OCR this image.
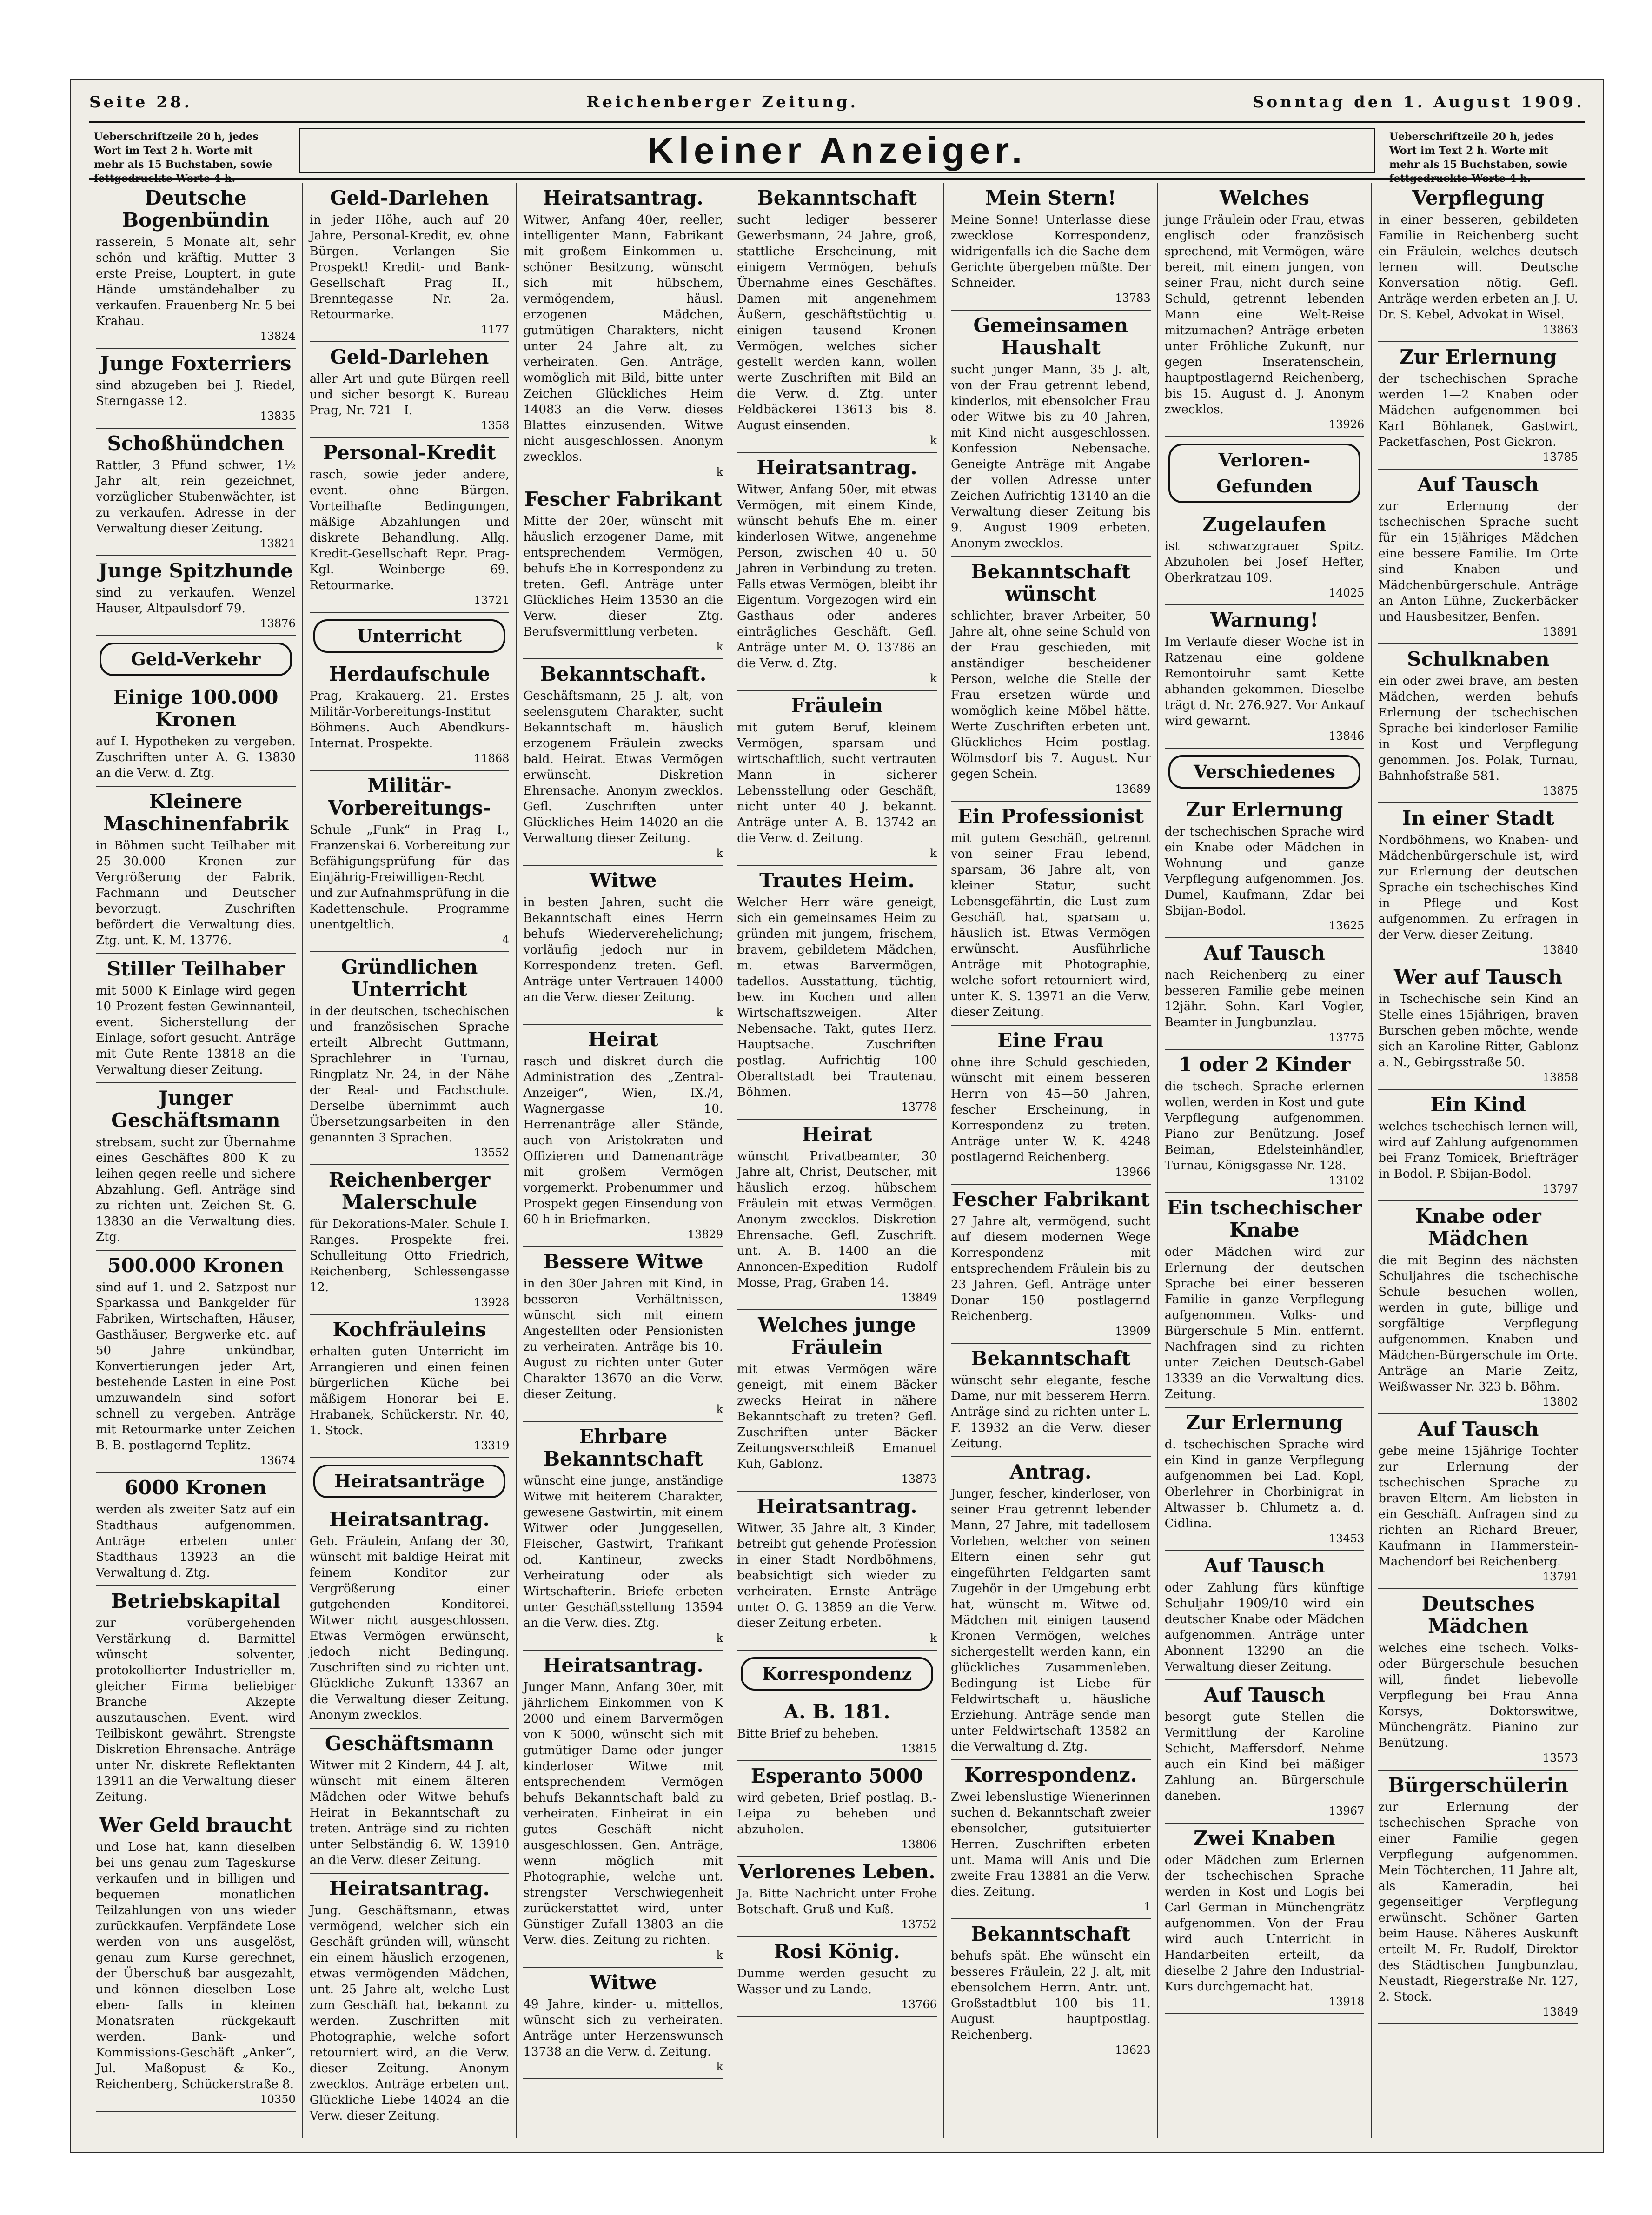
Seite 28.	Reichenberger Zeitung.	Sonntag den 1. August 1909.
Ueberschriftzeile 20 h, jedes Wort im Text 2 h. Worte mit mehr als 15 Buchstaben, sowie fettgedruckte Worte 4 h.
Kleiner Anzeiger.	Ueberschriftzeile 20 h, jedes Wort im Text 2 h. Worte mit mehr als 15 Buchstaben, sowie fettgedruckte Worte 4 h.
Deutsche Bogenbündin

rasserein, 5 Monate alt, sehr schön und kräftig. Mutter 3 erste Preise, Louptert, in gute Hände umständehalber zu verkaufen. Frauenberg Nr. 5 bei Krahau.

13824
Junge Foxterriers

sind abzugeben bei J. Riedel, Sterngasse 12.

13835
Schoßhündchen

Rattler, 3 Pfund schwer, 1½ Jahr alt, rein gezeichnet, vorzüglicher Stubenwächter, ist zu verkaufen. Adresse in der Verwaltung dieser Zeitung.

13821
Junge Spitzhunde

sind zu verkaufen. Wenzel Hauser, Altpaulsdorf 79.

13876
Geld-Verkehr
Einige 100.000 Kronen

auf I. Hypotheken zu vergeben. Zuschriften unter A. G. 13830 an die Verw. d. Ztg.

Kleinere Maschinenfabrik

in Böhmen sucht Teilhaber mit 25—30.000 Kronen zur Vergrößerung der Fabrik. Fachmann und Deutscher bevorzugt. Zuschriften befördert die Verwaltung dies. Ztg. unt. K. M. 13776.

Stiller Teilhaber

mit 5000 K Einlage wird gegen 10 Prozent festen Gewinnanteil, event. Sicherstellung der Einlage, sofort gesucht. Anträge mit Gute Rente 13818 an die Verwaltung dieser Zeitung.

Junger Geschäftsmann

strebsam, sucht zur Übernahme eines Geschäftes 800 K zu leihen gegen reelle und sichere Abzahlung. Gefl. Anträge sind zu richten unt. Zeichen St. G. 13830 an die Verwaltung dies. Ztg.

500.000 Kronen

sind auf 1. und 2. Satzpost nur Sparkassa und Bankgelder für Fabriken, Wirtschaften, Häuser, Gasthäuser, Bergwerke etc. auf 50 Jahre unkündbar, Konvertierungen jeder Art, bestehende Lasten in eine Post umzuwandeln sind sofort schnell zu vergeben. Anträge mit Retourmarke unter Zeichen B. B. postlagernd Teplitz.

13674
6000 Kronen

werden als zweiter Satz auf ein Stadthaus aufgenommen. Anträge erbeten unter Stadthaus 13923 an die Verwaltung d. Ztg.

Betriebskapital

zur vorübergehenden Verstärkung d. Barmittel wünscht solventer, protokollierter Industrieller m. gleicher Firma beliebiger Branche Akzepte auszutauschen. Event. wird Teilbiskont gewährt. Strengste Diskretion Ehrensache. Anträge unter Nr. diskrete Reflektanten 13911 an die Verwaltung dieser Zeitung.

Wer Geld braucht

und Lose hat, kann dieselben bei uns genau zum Tageskurse verkaufen und in billigen und bequemen monatlichen Teilzahlungen von uns wieder zurückkaufen. Verpfändete Lose werden von uns ausgelöst, genau zum Kurse gerechnet, der Überschuß bar ausgezahlt, und können dieselben Lose eben- falls in kleinen Monatsraten rückgekauft werden. Bank- und Kommissions-Geschäft „Anker“, Jul. Maßopust & Ko., Reichenberg, Schückerstraße 8.

10350
Geld-Darlehen

in jeder Höhe, auch auf 20 Jahre, Personal-Kredit, ev. ohne Bürgen. Verlangen Sie Prospekt! Kredit- und Bank-Gesellschaft Prag II., Brenntegasse Nr. 2a. Retourmarke.

1177
Geld-Darlehen

aller Art und gute Bürgen reell und sicher besorgt K. Bureau Prag, Nr. 721—I.

1358
Personal-Kredit

rasch, sowie jeder andere, event. ohne Bürgen. Vorteilhafte Bedingungen, mäßige Abzahlungen und diskrete Behandlung. Allg. Kredit-Gesellschaft Repr. Prag-Kgl. Weinberge 69. Retourmarke.

13721
Unterricht
Herdaufschule

Prag, Krakauerg. 21. Erstes Militär-Vorbereitungs-Institut Böhmens. Auch Abendkurs-Internat. Prospekte.

11868
Militär-Vorbereitungs-

Schule „Funk“ in Prag I., Franzenskai 6. Vorbereitung zur Befähigungsprüfung für das Einjährig-Freiwilligen-Recht und zur Aufnahmsprüfung in die Kadettenschule. Programme unentgeltlich.

4
Gründlichen Unterricht

in der deutschen, tschechischen und französischen Sprache erteilt Albrecht Guttmann, Sprachlehrer in Turnau, Ringplatz Nr. 24, in der Nähe der Real- und Fachschule. Derselbe übernimmt auch Übersetzungsarbeiten in den genannten 3 Sprachen.

13552
Reichenberger Malerschule

für Dekorations-Maler. Schule I. Ranges. Prospekte frei. Schulleitung Otto Friedrich, Reichenberg, Schlessengasse 12.

13928
Kochfräuleins

erhalten guten Unterricht im Arrangieren und einen feinen bürgerlichen Küche bei mäßigem Honorar bei E. Hrabanek, Schückerstr. Nr. 40, 1. Stock.

13319
Heiratsanträge
Heiratsantrag.

Geb. Fräulein, Anfang der 30, wünscht mit baldige Heirat mit feinem Konditor zur Vergrößerung einer gutgehenden Konditorei. Witwer nicht ausgeschlossen. Etwas Vermögen erwünscht, jedoch nicht Bedingung. Zuschriften sind zu richten unt. Glückliche Zukunft 13367 an die Verwaltung dieser Zeitung. Anonym zwecklos.

Geschäftsmann

Witwer mit 2 Kindern, 44 J. alt, wünscht mit einem älteren Mädchen oder Witwe behufs Heirat in Bekanntschaft zu treten. Anträge sind zu richten unter Selbständig 6. W. 13910 an die Verw. dieser Zeitung.

Heiratsantrag.

Jung. Geschäftsmann, etwas vermögend, welcher sich ein Geschäft gründen will, wünscht ein einem häuslich erzogenen, etwas vermögenden Mädchen, unt. 25 Jahre alt, welche Lust zum Geschäft hat, bekannt zu werden. Zuschriften mit Photographie, welche sofort retourniert wird, an die Verw. dieser Zeitung. Anonym zwecklos. Anträge erbeten unt. Glückliche Liebe 14024 an die Verw. dieser Zeitung.

Heiratsantrag.

Witwer, Anfang 40er, reeller, intelligenter Mann, Fabrikant mit großem Einkommen u. schöner Besitzung, wünscht sich mit hübschem, vermögendem, häusl. erzogenen Mädchen, gutmütigen Charakters, nicht unter 24 Jahre alt, zu verheiraten. Gen. Anträge, womöglich mit Bild, bitte unter Zeichen Glückliches Heim 14083 an die Verw. dieses Blattes einzusenden. Witwe nicht ausgeschlossen. Anonym zwecklos.

k
Fescher Fabrikant

Mitte der 20er, wünscht mit häuslich erzogener Dame, mit entsprechendem Vermögen, behufs Ehe in Korrespondenz zu treten. Gefl. Anträge unter Glückliches Heim 13530 an die Verw. dieser Ztg. Berufsvermittlung verbeten.

k
Bekanntschaft.

Geschäftsmann, 25 J. alt, von seelensgutem Charakter, sucht Bekanntschaft m. häuslich erzogenem Fräulein zwecks bald. Heirat. Etwas Vermögen erwünscht. Diskretion Ehrensache. Anonym zwecklos. Gefl. Zuschriften unter Glückliches Heim 14020 an die Verwaltung dieser Zeitung.

k
Witwe

in besten Jahren, sucht die Bekanntschaft eines Herrn behufs Wiederverehelichung; vorläufig jedoch nur in Korrespondenz treten. Gefl. Anträge unter Vertrauen 14000 an die Verw. dieser Zeitung.

k
Heirat

rasch und diskret durch die Administration des „Zentral-Anzeiger“, Wien, IX./4, Wagnergasse 10. Herrenanträge aller Stände, auch von Aristokraten und Offizieren und Damenanträge mit großem Vermögen vorgemerkt. Probenummer und Prospekt gegen Einsendung von 60 h in Briefmarken.

13829
Bessere Witwe

in den 30er Jahren mit Kind, in besseren Verhältnissen, wünscht sich mit einem Angestellten oder Pensionisten zu verheiraten. Anträge bis 10. August zu richten unter Guter Charakter 13670 an die Verw. dieser Zeitung.

k
Ehrbare Bekanntschaft

wünscht eine junge, anständige Witwe mit heiterem Charakter, gewesene Gastwirtin, mit einem Witwer oder Junggesellen, Fleischer, Gastwirt, Trafikant od. Kantineur, zwecks Verheiratung oder als Wirtschafterin. Briefe erbeten unter Geschäftsstellung 13594 an die Verw. dies. Ztg.

k
Heiratsantrag.

Junger Mann, Anfang 30er, mit jährlichem Einkommen von K 2000 und einem Barvermögen von K 5000, wünscht sich mit gutmütiger Dame oder junger kinderloser Witwe mit entsprechendem Vermögen behufs Bekanntschaft bald zu verheiraten. Einheirat in ein gutes Geschäft nicht ausgeschlossen. Gen. Anträge, wenn möglich mit Photographie, welche unt. strengster Verschwiegenheit zurückerstattet wird, unter Günstiger Zufall 13803 an die Verw. dies. Zeitung zu richten.

k
Witwe

49 Jahre, kinder- u. mittellos, wünscht sich zu verheiraten. Anträge unter Herzenswunsch 13738 an die Verw. d. Zeitung.

k
Bekanntschaft

sucht lediger besserer Gewerbsmann, 24 Jahre, groß, stattliche Erscheinung, mit einigem Vermögen, behufs Übernahme eines Geschäftes. Damen mit angenehmem Äußern, geschäftstüchtig u. einigen tausend Kronen Vermögen, welches sicher gestellt werden kann, wollen werte Zuschriften mit Bild an die Verw. d. Ztg. unter Feldbäckerei 13613 bis 8. August einsenden.

k
Heiratsantrag.

Witwer, Anfang 50er, mit etwas Vermögen, mit einem Kinde, wünscht behufs Ehe m. einer kinderlosen Witwe, angenehme Person, zwischen 40 u. 50 Jahren in Verbindung zu treten. Falls etwas Vermögen, bleibt ihr Eigentum. Vorgezogen wird ein Gasthaus oder anderes einträgliches Geschäft. Gefl. Anträge unter M. O. 13786 an die Verw. d. Ztg.

k
Fräulein

mit gutem Beruf, kleinem Vermögen, sparsam und wirtschaftlich, sucht vertrauten Mann in sicherer Lebensstellung oder Geschäft, nicht unter 40 J. bekannt. Anträge unter A. B. 13742 an die Verw. d. Zeitung.

k
Trautes Heim.

Welcher Herr wäre geneigt, sich ein gemeinsames Heim zu gründen mit jungem, frischem, bravem, gebildetem Mädchen, m. etwas Barvermögen, tadellos. Ausstattung, tüchtig, bew. im Kochen und allen Wirtschaftszweigen. Alter Nebensache. Takt, gutes Herz. Hauptsache. Zuschriften postlag. Aufrichtig 100 Oberaltstadt bei Trautenau, Böhmen.

13778
Heirat

wünscht Privatbeamter, 30 Jahre alt, Christ, Deutscher, mit häuslich erzog. hübschem Fräulein mit etwas Vermögen. Anonym zwecklos. Diskretion Ehrensache. Gefl. Zuschrift. unt. A. B. 1400 an die Annoncen-Expedition Rudolf Mosse, Prag, Graben 14.

13849
Welches junge Fräulein

mit etwas Vermögen wäre geneigt, mit einem Bäcker zwecks Heirat in nähere Bekanntschaft zu treten? Gefl. Zuschriften unter Bäcker Zeitungsverschleiß Emanuel Kuh, Gablonz.

13873
Heiratsantrag.

Witwer, 35 Jahre alt, 3 Kinder, betreibt gut gehende Profession in einer Stadt Nordböhmens, beabsichtigt sich wieder zu verheiraten. Ernste Anträge unter O. G. 13859 an die Verw. dieser Zeitung erbeten.

k
Korrespondenz
A. B. 181.

Bitte Brief zu beheben.

13815
Esperanto 5000

wird gebeten, Brief postlag. B.-Leipa zu beheben und abzuholen.

13806
Verlorenes Leben.

Ja. Bitte Nachricht unter Frohe Botschaft. Gruß und Kuß.

13752
Rosi König.

Dumme werden gesucht zu Wasser und zu Lande.

13766
Mein Stern!

Meine Sonne! Unterlasse diese zwecklose Korrespondenz, widrigenfalls ich die Sache dem Gerichte übergeben müßte. Der Schneider.

13783
Gemeinsamen Haushalt

sucht junger Mann, 35 J. alt, von der Frau getrennt lebend, kinderlos, mit ebensolcher Frau oder Witwe bis zu 40 Jahren, mit Kind nicht ausgeschlossen. Konfession Nebensache. Geneigte Anträge mit Angabe der vollen Adresse unter Zeichen Aufrichtig 13140 an die Verwaltung dieser Zeitung bis 9. August 1909 erbeten. Anonym zwecklos.

Bekanntschaft wünscht

schlichter, braver Arbeiter, 50 Jahre alt, ohne seine Schuld von der Frau geschieden, mit anständiger bescheidener Person, welche die Stelle der Frau ersetzen würde und womöglich keine Möbel hätte. Werte Zuschriften erbeten unt. Glückliches Heim postlag. Wölmsdorf bis 7. August. Nur gegen Schein.

13689
Ein Professionist

mit gutem Geschäft, getrennt von seiner Frau lebend, sparsam, 36 Jahre alt, von kleiner Statur, sucht Lebensgefährtin, die Lust zum Geschäft hat, sparsam u. häuslich ist. Etwas Vermögen erwünscht. Ausführliche Anträge mit Photographie, welche sofort retourniert wird, unter K. S. 13971 an die Verw. dieser Zeitung.

Eine Frau

ohne ihre Schuld geschieden, wünscht mit einem besseren Herrn von 45—50 Jahren, fescher Erscheinung, in Korrespondenz zu treten. Anträge unter W. K. 4248 postlagernd Reichenberg.

13966
Fescher Fabrikant

27 Jahre alt, vermögend, sucht auf diesem modernen Wege Korrespondenz mit entsprechendem Fräulein bis zu 23 Jahren. Gefl. Anträge unter Donar 150 postlagernd Reichenberg.

13909
Bekanntschaft

wünscht sehr elegante, fesche Dame, nur mit besserem Herrn. Anträge sind zu richten unter L. F. 13932 an die Verw. dieser Zeitung.

Antrag.

Junger, fescher, kinderloser, von seiner Frau getrennt lebender Mann, 27 Jahre, mit tadellosem Vorleben, welcher von seinen Eltern einen sehr gut eingeführten Feldgarten samt Zugehör in der Umgebung erbt hat, wünscht m. Witwe od. Mädchen mit einigen tausend Kronen Vermögen, welches sichergestellt werden kann, ein glückliches Zusammenleben. Bedingung ist Liebe für Feldwirtschaft u. häusliche Erziehung. Anträge sende man unter Feldwirtschaft 13582 an die Verwaltung d. Ztg.

Korrespondenz.

Zwei lebenslustige Wienerinnen suchen d. Bekanntschaft zweier ebensolcher, gutsituierter Herren. Zuschriften erbeten unt. Mama will Anis und Die zweite Frau 13881 an die Verw. dies. Zeitung.

1
Bekanntschaft

behufs spät. Ehe wünscht ein besseres Fräulein, 22 J. alt, mit ebensolchem Herrn. Antr. unt. Großstadtblut 100 bis 11. August hauptpostlag. Reichenberg.

13623
Welches

junge Fräulein oder Frau, etwas englisch oder französisch sprechend, mit Vermögen, wäre bereit, mit einem jungen, von seiner Frau, nicht durch seine Schuld, getrennt lebenden Mann eine Welt-Reise mitzumachen? Anträge erbeten unter Fröhliche Zukunft, nur gegen Inseratenschein, hauptpostlagernd Reichenberg, bis 15. August d. J. Anonym zwecklos.

13926
Verloren-Gefunden
Zugelaufen

ist schwarzgrauer Spitz. Abzuholen bei Josef Hefter, Oberkratzau 109.

14025
Warnung!

Im Verlaufe dieser Woche ist in Ratzenau eine goldene Remontoiruhr samt Kette abhanden gekommen. Dieselbe trägt d. Nr. 276.927. Vor Ankauf wird gewarnt.

13846
Verschiedenes
Zur Erlernung

der tschechischen Sprache wird ein Knabe oder Mädchen in Wohnung und ganze Verpflegung aufgenommen. Jos. Dumel, Kaufmann, Zdar bei Sbijan-Bodol.

13625
Auf Tausch

nach Reichenberg zu einer besseren Familie gebe meinen 12jähr. Sohn. Karl Vogler, Beamter in Jungbunzlau.

13775
1 oder 2 Kinder

die tschech. Sprache erlernen wollen, werden in Kost und gute Verpflegung aufgenommen. Piano zur Benützung. Josef Beiman, Edelsteinhändler, Turnau, Königsgasse Nr. 128.

13102
Ein tschechischer Knabe

oder Mädchen wird zur Erlernung der deutschen Sprache bei einer besseren Familie in ganze Verpflegung aufgenommen. Volks- und Bürgerschule 5 Min. entfernt. Nachfragen sind zu richten unter Zeichen Deutsch-Gabel 13339 an die Verwaltung dies. Zeitung.

Zur Erlernung

d. tschechischen Sprache wird ein Kind in ganze Verpflegung aufgenommen bei Lad. Kopl, Oberlehrer in Chorbinigrat in Altwasser b. Chlumetz a. d. Cidlina.

13453
Auf Tausch

oder Zahlung fürs künftige Schuljahr 1909/10 wird ein deutscher Knabe oder Mädchen aufgenommen. Anträge unter Abonnent 13290 an die Verwaltung dieser Zeitung.

Auf Tausch

besorgt gute Stellen die Vermittlung der Karoline Schicht, Maffersdorf. Nehme auch ein Kind bei mäßiger Zahlung an. Bürgerschule daneben.

13967
Zwei Knaben

oder Mädchen zum Erlernen der tschechischen Sprache werden in Kost und Logis bei Carl German in Münchengrätz aufgenommen. Von der Frau wird auch Unterricht in Handarbeiten erteilt, da dieselbe 2 Jahre den Industrial-Kurs durchgemacht hat.

13918
Verpflegung

in einer besseren, gebildeten Familie in Reichenberg sucht ein Fräulein, welches deutsch lernen will. Deutsche Konversation nötig. Gefl. Anträge werden erbeten an J. U. Dr. S. Kebel, Advokat in Wisel.

13863
Zur Erlernung

der tschechischen Sprache werden 1—2 Knaben oder Mädchen aufgenommen bei Karl Böhlanek, Gastwirt, Packetfaschen, Post Gickron.

13785
Auf Tausch

zur Erlernung der tschechischen Sprache sucht für ein 15jähriges Mädchen eine bessere Familie. Im Orte sind Knaben- und Mädchenbürgerschule. Anträge an Anton Lühne, Zuckerbäcker und Hausbesitzer, Benfen.

13891
Schulknaben

ein oder zwei brave, am besten Mädchen, werden behufs Erlernung der tschechischen Sprache bei kinderloser Familie in Kost und Verpflegung genommen. Jos. Polak, Turnau, Bahnhofstraße 581.

13875
In einer Stadt

Nordböhmens, wo Knaben- und Mädchenbürgerschule ist, wird zur Erlernung der deutschen Sprache ein tschechisches Kind in Pflege und Kost aufgenommen. Zu erfragen in der Verw. dieser Zeitung.

13840
Wer auf Tausch

in Tschechische sein Kind an Stelle eines 15jährigen, braven Burschen geben möchte, wende sich an Karoline Ritter, Gablonz a. N., Gebirgsstraße 50.

13858
Ein Kind

welches tschechisch lernen will, wird auf Zahlung aufgenommen bei Franz Tomicek, Briefträger in Bodol. P. Sbijan-Bodol.

13797
Knabe oder Mädchen

die mit Beginn des nächsten Schuljahres die tschechische Schule besuchen wollen, werden in gute, billige und sorgfältige Verpflegung aufgenommen. Knaben- und Mädchen-Bürgerschule im Orte. Anträge an Marie Zeitz, Weißwasser Nr. 323 b. Böhm.

13802
Auf Tausch

gebe meine 15jährige Tochter zur Erlernung der tschechischen Sprache zu braven Eltern. Am liebsten in ein Geschäft. Anfragen sind zu richten an Richard Breuer, Kaufmann in Hammerstein-Machendorf bei Reichenberg.

13791
Deutsches Mädchen

welches eine tschech. Volks- oder Bürgerschule besuchen will, findet liebevolle Verpflegung bei Frau Anna Korsys, Doktorswitwe, Münchengrätz. Pianino zur Benützung.

13573
Bürgerschülerin

zur Erlernung der tschechischen Sprache von einer Familie gegen Verpflegung aufgenommen. Mein Töchterchen, 11 Jahre alt, als Kameradin, bei gegenseitiger Verpflegung erwünscht. Schöner Garten beim Hause. Näheres Auskunft erteilt M. Fr. Rudolf, Direktor des Städtischen Jungbunzlau, Neustadt, Riegerstraße Nr. 127, 2. Stock.

13849
